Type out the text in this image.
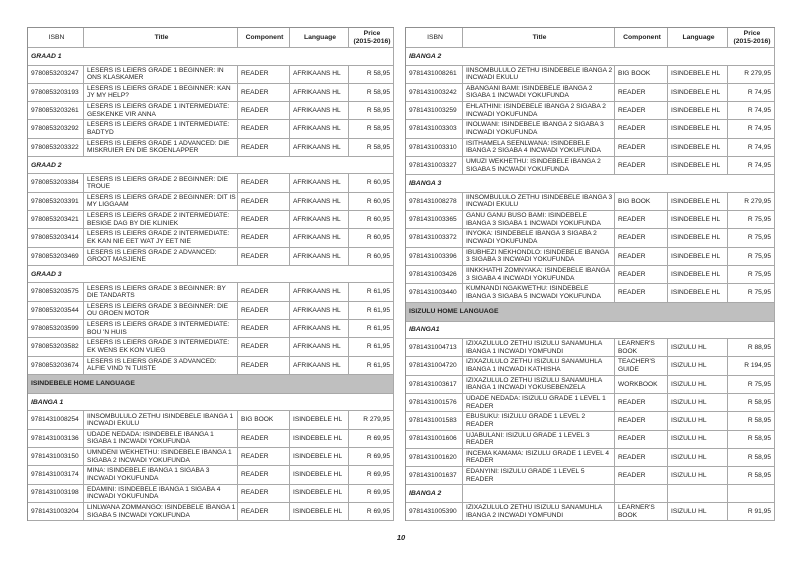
ISBN	Title	Component	Language
Price
(2015-2016)
GRAAD 1
9780853203247
LESERS IS LEIERS GRADE 1 BEGINNER: IN ONS KLASKAMER
READER	AFRIKAANS HL	R 58,95
9780853203193
LESERS IS LEIERS GRADE 1 BEGINNER: KAN JY MY HELP?
READER	AFRIKAANS HL	R 58,95
9780853203261
LESERS IS LEIERS GRADE 1 INTERMEDIATE: GESKENKE VIR ANNA
READER	AFRIKAANS HL	R 58,95
9780853203292
LESERS IS LEIERS GRADE 1 INTERMEDIATE: BADTYD
READER	AFRIKAANS HL	R 58,95
9780853203322
LESERS IS LEIERS GRADE 1 ADVANCED: DIE MISKRUIER EN DIE SKOENLAPPER
READER	AFRIKAANS HL	R 58,95
GRAAD 2
9780853203384
LESERS IS LEIERS GRADE 2 BEGINNER: DIE TROUE
READER	AFRIKAANS HL	R 60,95
9780853203391
LESERS IS LEIERS GRADE 2 BEGINNER: DIT IS MY LIGGAAM
READER	AFRIKAANS HL	R 60,95
9780853203421
LESERS IS LEIERS GRADE 2 INTERMEDIATE: BESIGE DAG BY DIE KLINIEK
READER	AFRIKAANS HL	R 60,95
9780853203414
LESERS IS LEIERS GRADE 2 INTERMEDIATE: EK KAN NIE EET WAT JY EET NIE
READER	AFRIKAANS HL	R 60,95
9780853203469
LESERS IS LEIERS GRADE 2 ADVANCED: GROOT MASJIENE
READER	AFRIKAANS HL	R 60,95
GRAAD 3
9780853203575
LESERS IS LEIERS GRADE 3 BEGINNER: BY DIE TANDARTS
READER	AFRIKAANS HL	R 61,95
9780853203544
LESERS IS LEIERS GRADE 3 BEGINNER: DIE OU GROEN MOTOR
READER	AFRIKAANS HL	R 61,95
9780853203599
LESERS IS LEIERS GRADE 3 INTERMEDIATE: BOU 'N HUIS
READER	AFRIKAANS HL	R 61,95
9780853203582
LESERS IS LEIERS GRADE 3 INTERMEDIATE: EK WENS EK KON VLIEG
READER	AFRIKAANS HL	R 61,95
9780853203674
LESERS IS LEIERS GRADE 3 ADVANCED: ALFIE VIND 'N TUISTE
READER	AFRIKAANS HL	R 61,95
ISINDEBELE HOME LANGUAGE
IBANGA 1
9781431008254
IINSOMBULULO ZETHU ISINDEBELE IBANGA 1 INCWADI EKULU
BIG BOOK	ISINDEBELE HL	R 279,95
9781431003136
UDADE NEDADA: ISINDEBELE IBANGA 1 SIGABA 1 INCWADI YOKUFUNDA
READER	ISINDEBELE HL	R 69,95
9781431003150
UMNDENI WEKHETHU: ISINDEBELE IBANGA 1 SIGABA 2 INCWADI YOKUFUNDA
READER	ISINDEBELE HL	R 69,95
9781431003174
MINA: ISINDEBELE IBANGA 1 SIGABA 3 INCWADI YOKUFUNDA
READER	ISINDEBELE HL	R 69,95
9781431003198
EDAMINI: ISINDEBELE IBANGA 1 SIGABA 4 INCWADI YOKUFUNDA
READER	ISINDEBELE HL	R 69,95
9781431003204
LINLWANA ZOMMANGO: ISINDEBELE IBANGA 1 SIGABA 5 INCWADI YOKUFUNDA
READER	ISINDEBELE HL	R 69,95
ISBN	Title	Component	Language
Price
(2015-2016)
IBANGA 2
9781431008261
IINSOMBULULO ZETHU ISINDEBELE IBANGA 2 INCWADI EKULU
BIG BOOK	ISINDEBELE HL	R 279,95
9781431003242
ABANGANI BAMI: ISINDEBELE IBANGA 2 SIGABA 1 INCWADI YOKUFUNDA
READER	ISINDEBELE HL	R 74,95
9781431003259
EHLATHINI: ISINDEBELE IBANGA 2 SIGABA 2 INCWADI YOKUFUNDA
READER	ISINDEBELE HL	R 74,95
9781431003303
INOLWANI: ISINDEBELE IBANGA 2 SIGABA 3 INCWADI YOKUFUNDA
READER	ISINDEBELE HL	R 74,95
9781431003310
ISITHAMELA SEENLWANA: ISINDEBELE IBANGA 2 SIGABA 4 INCWADI YOKUFUNDA
READER	ISINDEBELE HL	R 74,95
9781431003327
UMUZI WEKHETHU: ISINDEBELE IBANGA 2 SIGABA 5 INCWADI YOKUFUNDA
READER	ISINDEBELE HL	R 74,95
IBANGA 3
9781431008278
IINSOMBULULO ZETHU ISINDEBELE IBANGA 3 INCWADI EKULU
BIG BOOK	ISINDEBELE HL	R 279,95
9781431003365
GANU GANU BUSO BAMI: ISINDEBELE IBANGA 3 SIGABA 1 INCWADI YOKUFUNDA
READER	ISINDEBELE HL	R 75,95
9781431003372
INYOKA: ISINDEBELE IBANGA 3 SIGABA 2 INCWADI YOKUFUNDA
READER	ISINDEBELE HL	R 75,95
9781431003396
IBUBHEZI NEKHONDLO: ISINDEBELE IBANGA 3 SIGABA 3 INCWADI YOKUFUNDA
READER	ISINDEBELE HL	R 75,95
9781431003426
IINKKHATHI ZOMNYAKA: ISINDEBELE IBANGA 3 SIGABA 4 INCWADI YOKUFUNDA
READER	ISINDEBELE HL	R 75,95
9781431003440
KUMNANDI NGAKWETHU: ISINDEBELE IBANGA 3 SIGABA 5 INCWADI YOKUFUNDA
READER	ISINDEBELE HL	R 75,95
ISIZULU HOME LANGUAGE
IBANGA1
9781431004713
IZIXAZULULO ZETHU ISIZULU SANAMUHLA IBANGA 1 INCWADI YOMFUNDI
LEARNER'S BOOK
ISIZULU HL	R 88,95
9781431004720
IZIXAZULULO ZETHU ISIZULU SANAMUHLA IBANGA 1 INCWADI KATHISHA
TEACHER'S GUIDE
ISIZULU HL	R 194,95
9781431003617
IZIXAZULULO ZETHU ISIZULU SANAMUHLA IBANGA 1 INCWADI YOKUSEBENZELA
WORKBOOK	ISIZULU HL	R 75,95
9781431001576
UDADE NEDADA: ISIZULU GRADE 1 LEVEL 1 READER
READER	ISIZULU HL	R 58,95
9781431001583
EBUSUKU: ISIZULU GRADE 1 LEVEL 2 READER
READER	ISIZULU HL	R 58,95
9781431001606
UJABULANI: ISIZULU GRADE 1 LEVEL 3 READER
READER	ISIZULU HL	R 58,95
9781431001620
INCEMA KAMAMA: ISIZULU GRADE 1 LEVEL 4 READER
READER	ISIZULU HL	R 58,95
9781431001637
EDANYINI: ISIZULU GRADE 1 LEVEL 5 READER
READER	ISIZULU HL	R 58,95
IBANGA 2
9781431005390
IZIXAZULULO ZETHU ISIZULU SANAMUHLA IBANGA 2 INCWADI YOMFUNDI
LEARNER'S BOOK
ISIZULU HL	R 91,95
10
